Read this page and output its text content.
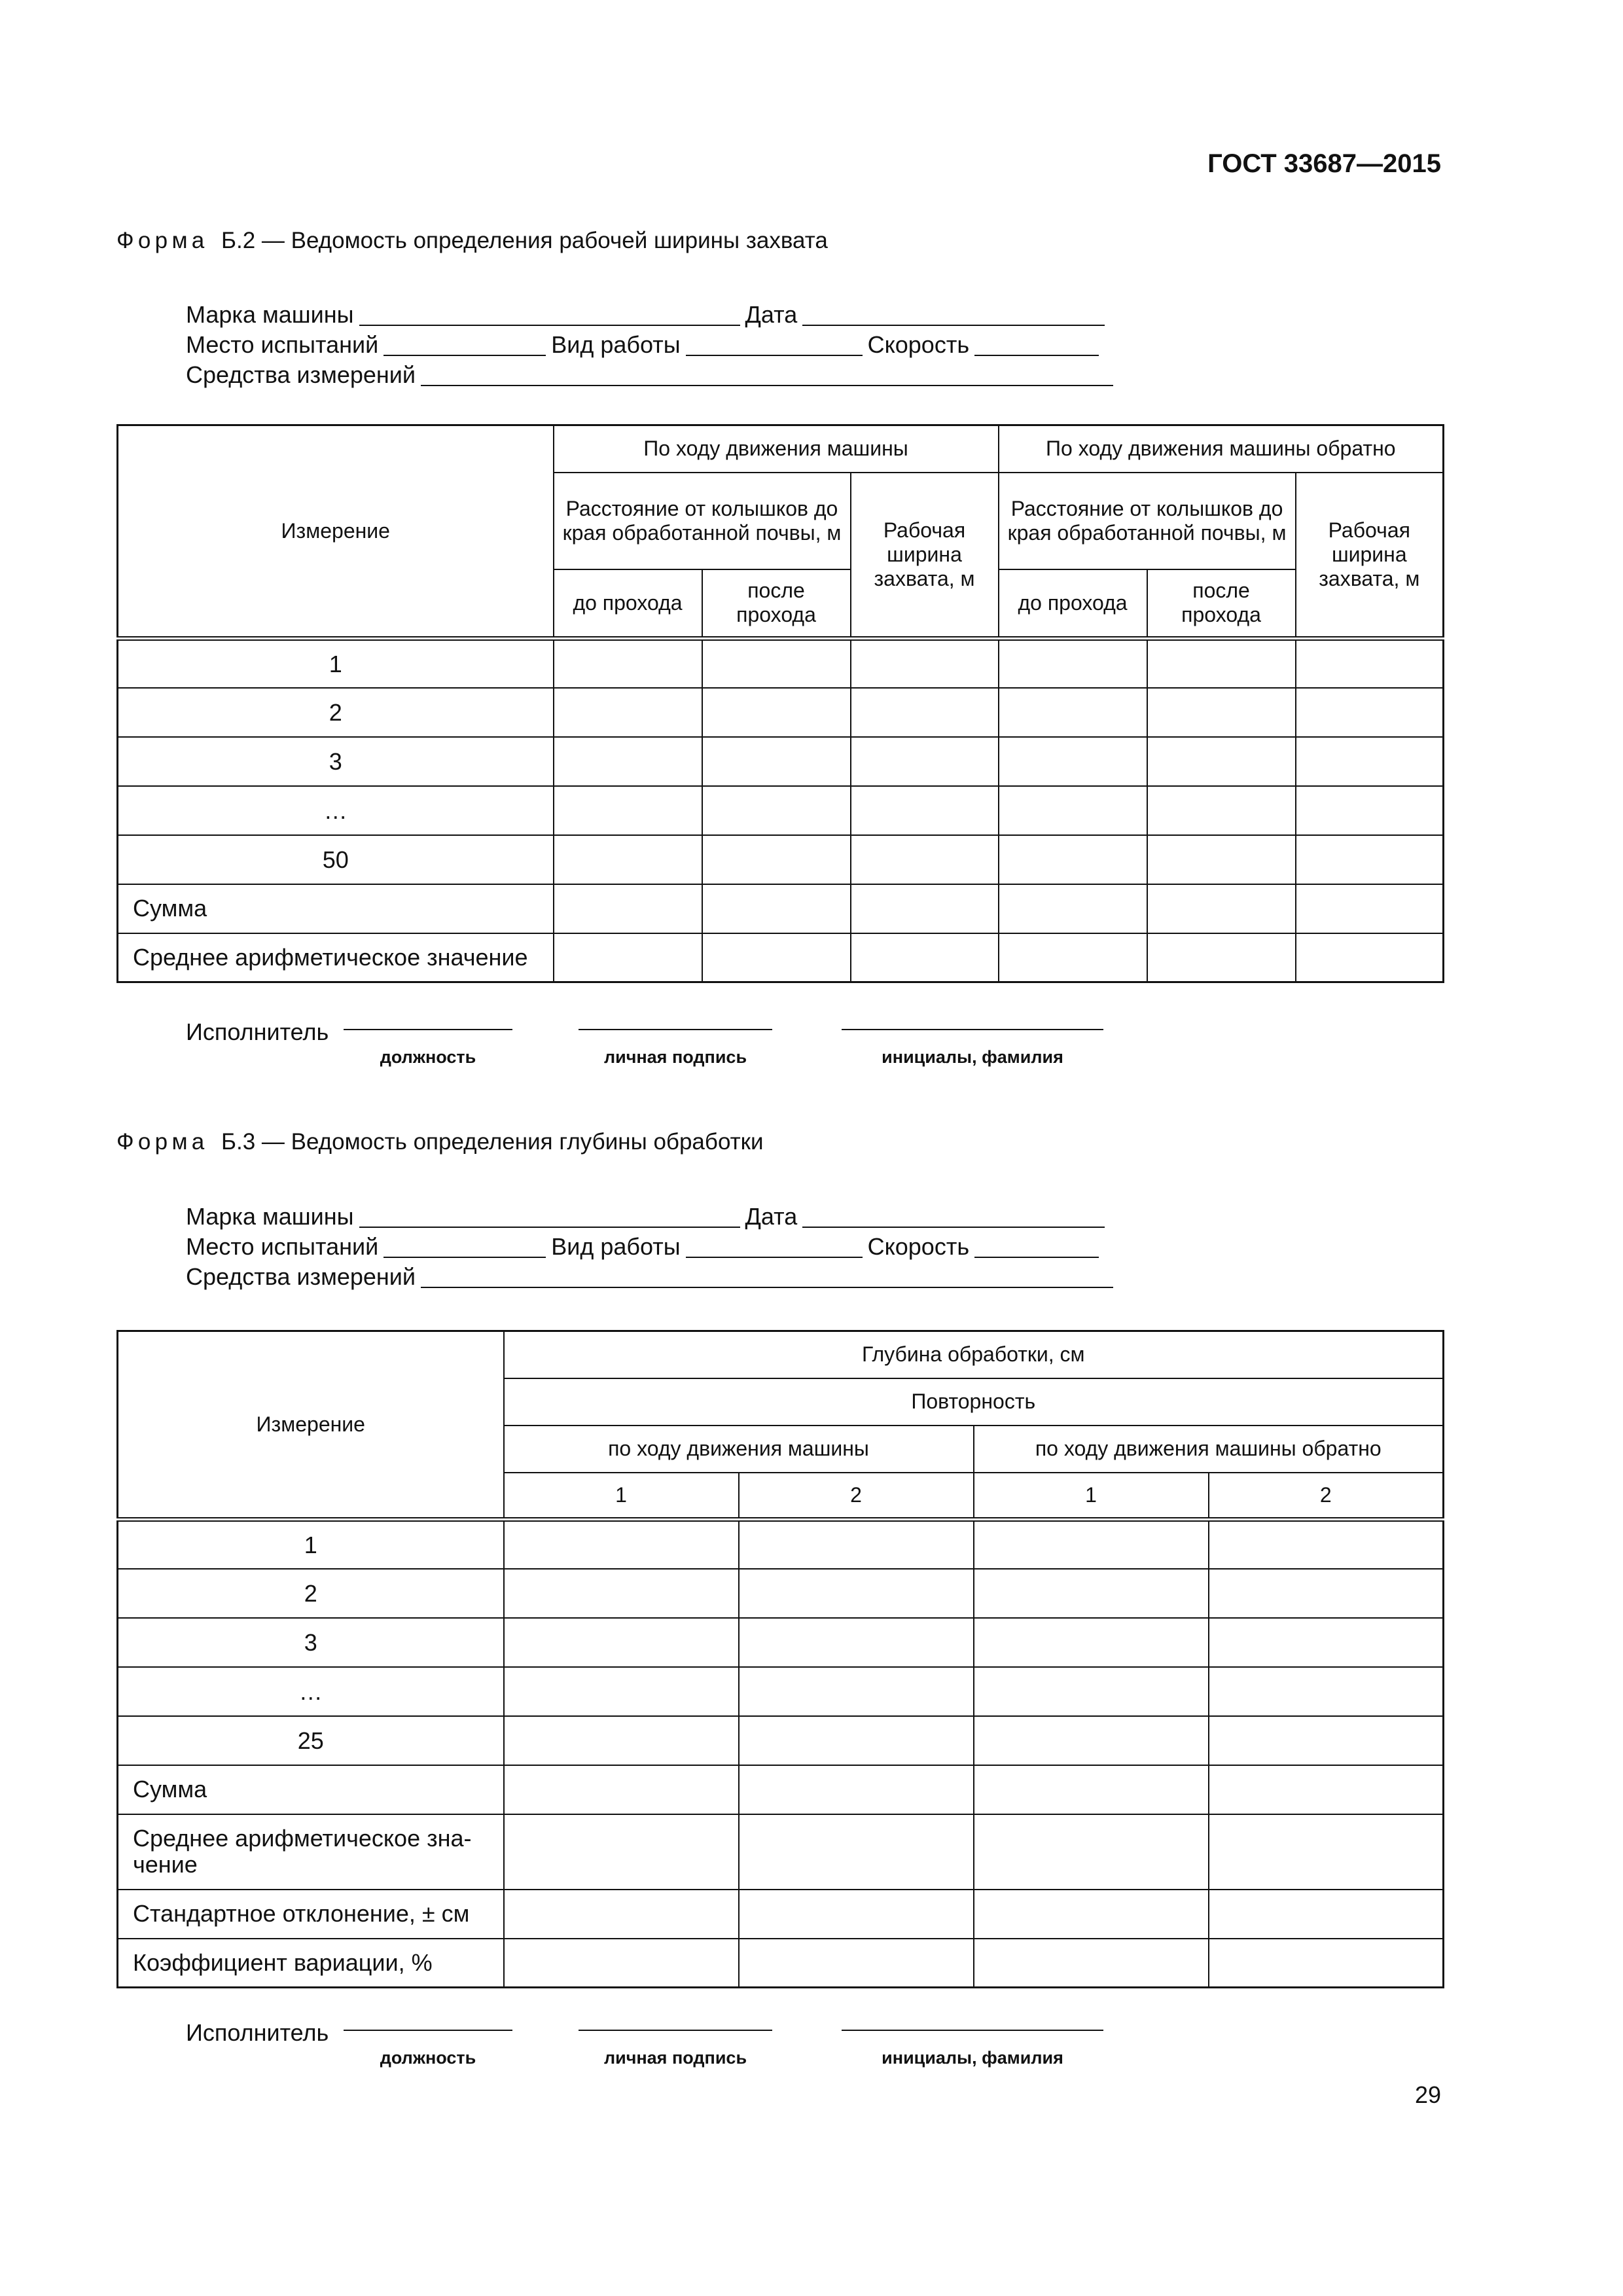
ГОСТ 33687—2015
Форма Б.2 — Ведомость определения рабочей ширины захвата
Марка машины	Дата
Место испытаний	Вид работы	Скорость
Средства измерений
Измерение	По ходу движения машины			По ходу движения машины обратно		
	Расстояние от колышков до края обработанной почвы, м		Рабочая ширина захвата, м	Расстояние от колышков до края обработанной почвы, м		Рабочая ширина захвата, м
	до прохода	после прохода		до прохода	после прохода	
1						
2						
3						
…						
50						
Сумма						
Среднее арифметическое значение						
Исполнитель
должность	личная подпись	инициалы, фамилия
Форма Б.3 — Ведомость определения глубины обработки
Марка машины	Дата
Место испытаний	Вид работы	Скорость
Средства измерений
Измерение	Глубина обработки, см			
	Повторность			
	по ходу движения машины		по ходу движения машины обратно	
	1	2	1	2
1				
2				
3				
…				
25				
Сумма				
Среднее арифметическое зна-чение				
Стандартное отклонение, ± см				
Коэффициент вариации, %				
Исполнитель
должность	личная подпись	инициалы, фамилия
29
